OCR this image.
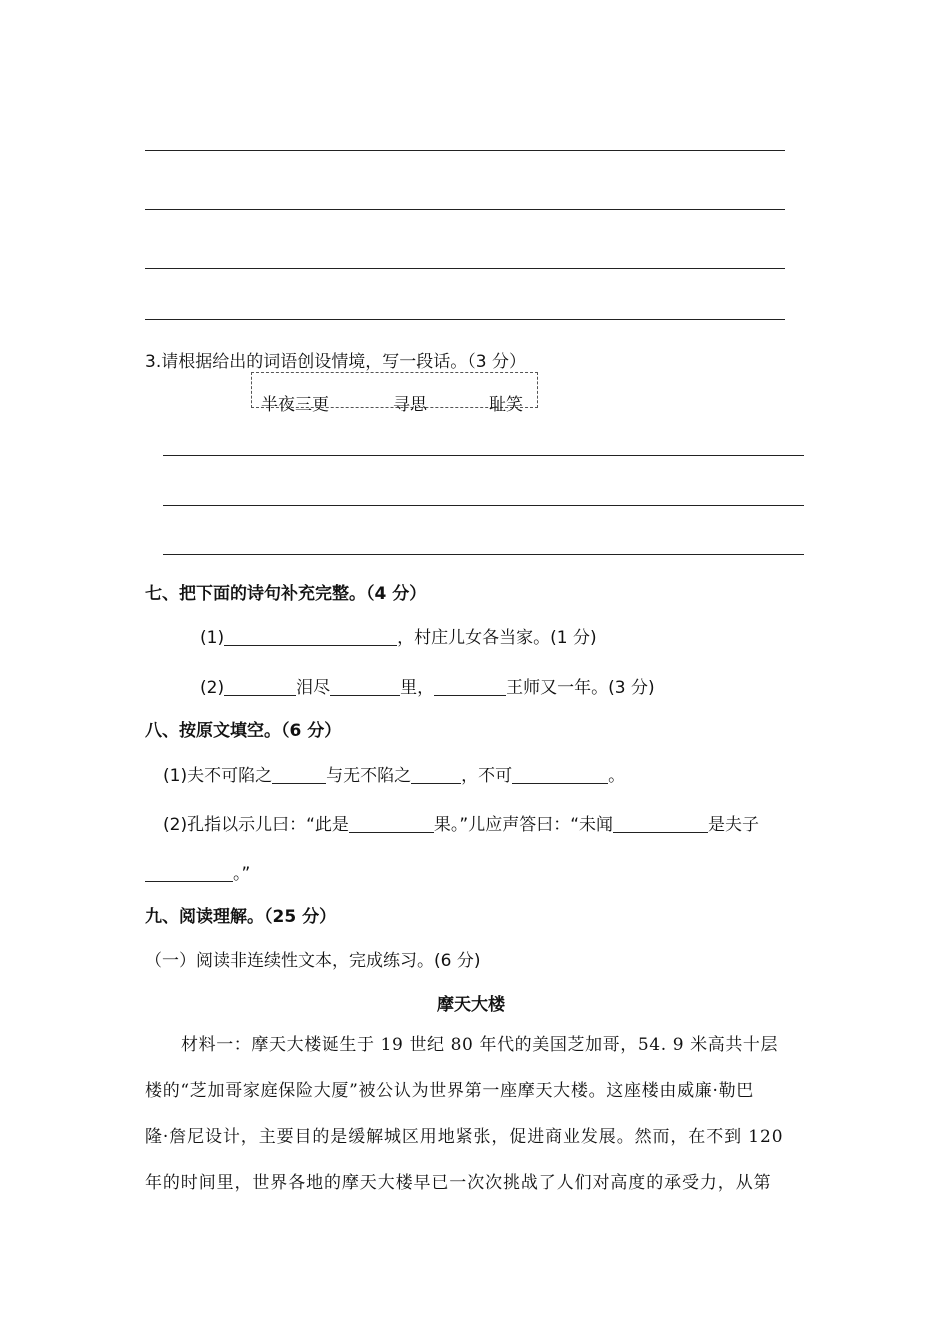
3.请根据给出的词语创设情境，写一段话。（3 分）
半夜三更	寻思	耻笑
七、把下面的诗句补充完整。（4 分）
(1)	，村庄儿女各当家。(1 分)
(2)	泪尽	里，	王师又一年。(3 分)
八、按原文填空。（6 分）
(1)夫不可陷之	与无不陷之	，不可	。
(2)孔指以示儿曰：“此是	果。”儿应声答曰：“未闻	是夫子
。”
九、阅读理解。（25 分）
（一）阅读非连续性文本，完成练习。(6 分)
摩天大楼
材料一：摩天大楼诞生于 19 世纪 80 年代的美国芝加哥，54. 9 米高共十层
楼的“芝加哥家庭保险大厦”被公认为世界第一座摩天大楼。这座楼由威廉·勒巴
隆·詹尼设计，主要目的是缓解城区用地紧张，促进商业发展。然而，在不到 120
年的时间里，世界各地的摩天大楼早已一次次挑战了人们对高度的承受力，从第
